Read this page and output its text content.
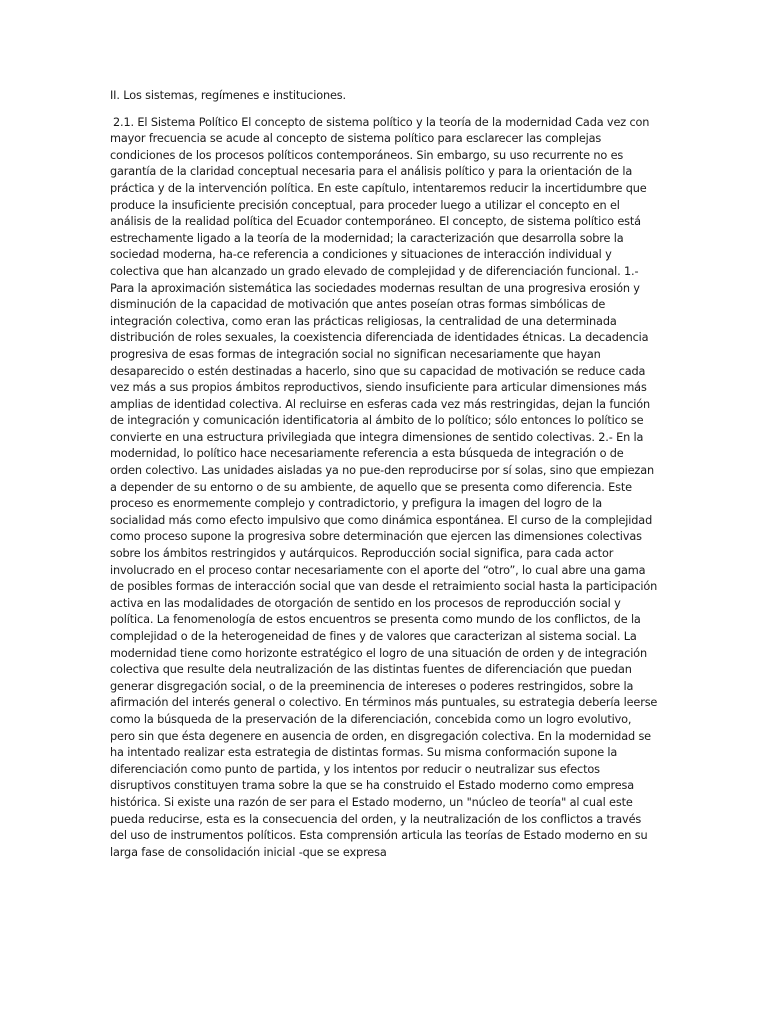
II. Los sistemas, regímenes e instituciones.

2.1. El Sistema Político El concepto de sistema político y la teoría de la modernidad Cada vez con mayor frecuencia se acude al concepto de sistema político para esclarecer las complejas condiciones de los procesos políticos contemporáneos. Sin embargo, su uso recurrente no es garantía de la claridad conceptual necesaria para el análisis político y para la orientación de la práctica y de la intervención política. En este capítulo, intentaremos reducir la incertidumbre que produce la insuficiente precisión conceptual, para proceder luego a utilizar el concepto en el análisis de la realidad política del Ecuador contemporáneo. El concepto, de sistema político está estrechamente ligado a la teoría de la modernidad; la caracterización que desarrolla sobre la sociedad moderna, ha-ce referencia a condiciones y situaciones de interacción individual y colectiva que han alcanzado un grado elevado de complejidad y de diferenciación funcional. 1.- Para la aproximación sistemática las sociedades modernas resultan de una progresiva erosión y disminución de la capacidad de motivación que antes poseían otras formas simbólicas de integración colectiva, como eran las prácticas religiosas, la centralidad de una determinada distribución de roles sexuales, la coexistencia diferenciada de identidades étnicas. La decadencia progresiva de esas formas de integración social no significan necesariamente que hayan desaparecido o estén destinadas a hacerlo, sino que su capacidad de motivación se reduce cada vez más a sus propios ámbitos reproductivos, siendo insuficiente para articular dimensiones más amplias de identidad colectiva. Al recluirse en esferas cada vez más restringidas, dejan la función de integración y comunicación identificatoria al ámbito de lo político; sólo entonces lo político se convierte en una estructura privilegiada que integra dimensiones de sentido colectivas. 2.- En la modernidad, lo político hace necesariamente referencia a esta búsqueda de integración o de orden colectivo. Las unidades aisladas ya no pue-den reproducirse por sí solas, sino que empiezan a depender de su entorno o de su ambiente, de aquello que se presenta como diferencia. Este proceso es enormemente complejo y contradictorio, y prefigura la imagen del logro de la socialidad más como efecto impulsivo que como dinámica espontánea. El curso de la complejidad como proceso supone la progresiva sobre determinación que ejercen las dimensiones colectivas sobre los ámbitos restringidos y autárquicos. Reproducción social significa, para cada actor involucrado en el proceso contar necesariamente con el aporte del “otro”, lo cual abre una gama de posibles formas de interacción social que van desde el retraimiento social hasta la participación activa en las modalidades de otorgación de sentido en los procesos de reproducción social y política. La fenomenología de estos encuentros se presenta como mundo de los conflictos, de la complejidad o de la heterogeneidad de fines y de valores que caracterizan al sistema social. La modernidad tiene como horizonte estratégico el logro de una situación de orden y de integración colectiva que resulte dela neutralización de las distintas fuentes de diferenciación que puedan generar disgregación social, o de la preeminencia de intereses o poderes restringidos, sobre la afirmación del interés general o colectivo. En términos más puntuales, su estrategia debería leerse como la búsqueda de la preservación de la diferenciación, concebida como un logro evolutivo, pero sin que ésta degenere en ausencia de orden, en disgregación colectiva. En la modernidad se ha intentado realizar esta estrategia de distintas formas. Su misma conformación supone la diferenciación como punto de partida, y los intentos por reducir o neutralizar sus efectos disruptivos constituyen trama sobre la que se ha construido el Estado moderno como empresa histórica. Si existe una razón de ser para el Estado moderno, un "núcleo de teoría" al cual este pueda reducirse, esta es la consecuencia del orden, y la neutralización de los conflictos a través del uso de instrumentos políticos. Esta comprensión articula las teorías de Estado moderno en su larga fase de consolidación inicial -que se expresa
